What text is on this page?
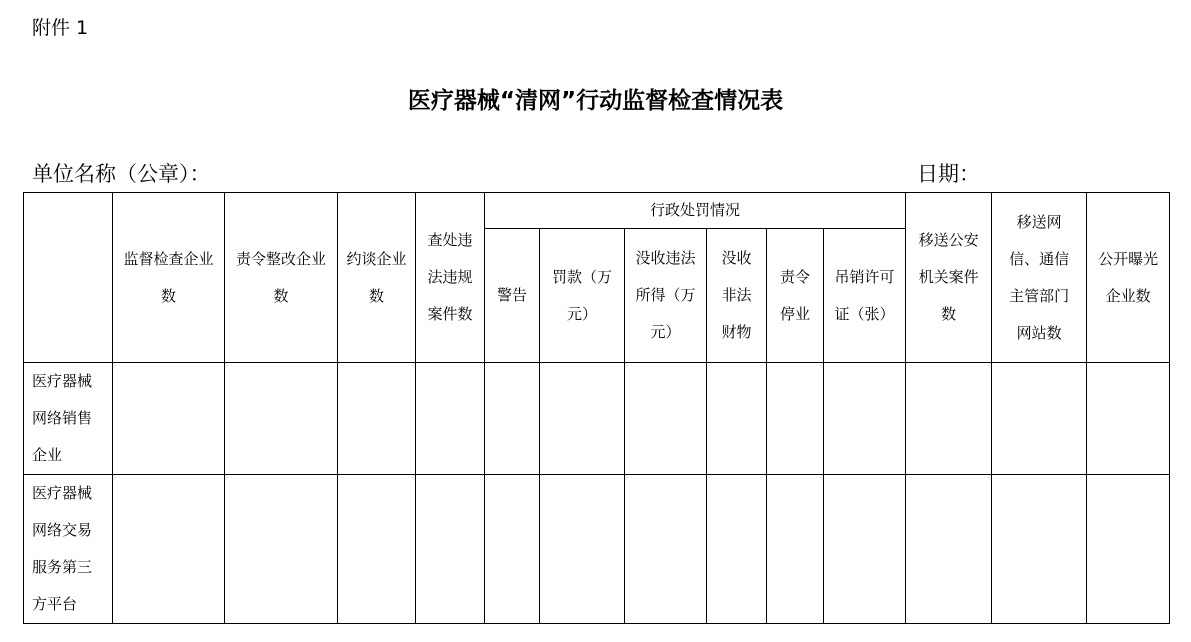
附件 1
医疗器械“清网”行动监督检查情况表
单位名称（公章）：	日期：

	监督检查企业数	责令整改企业数	约谈企业数	查处违法违规案件数	行政处罚情况						移送公安机关案件数	移送网信、通信主管部门网站数	公开曝光企业数

					警告	罚款（万元）	没收违法所得（万元）	没收非法财物	责令停业	吊销许可证（张）			

医疗器械网络销售企业													

医疗器械网络交易服务第三方平台													
